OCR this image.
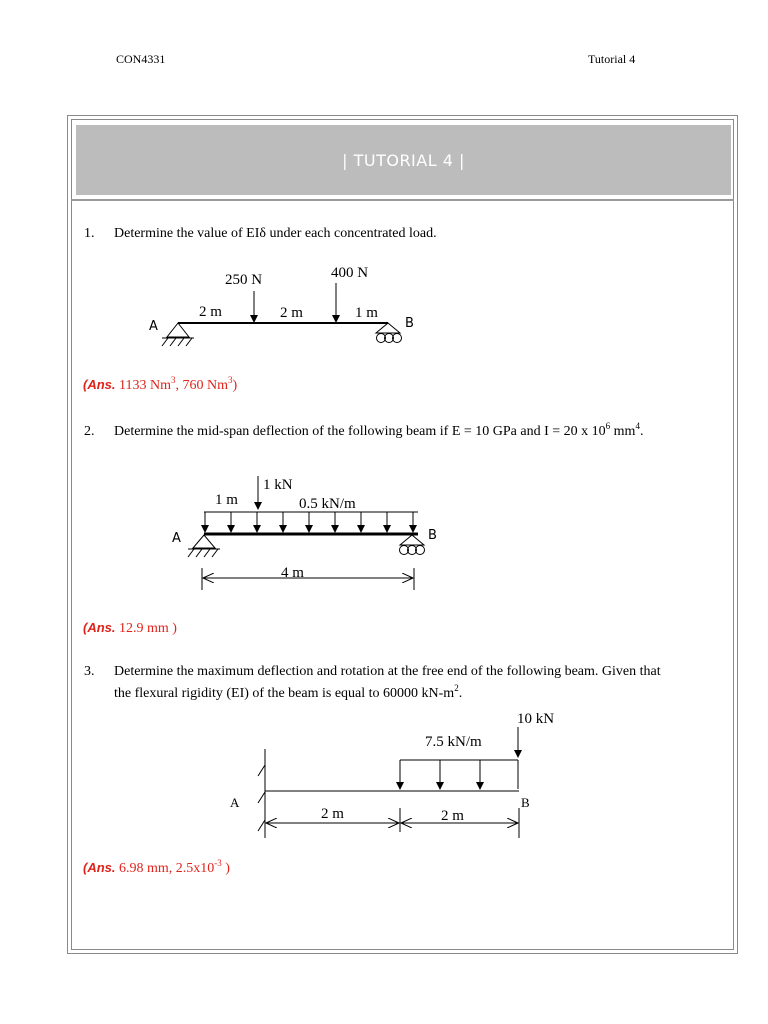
CON4331	Tutorial 4
| TUTORIAL 4 |
1. Determine the value of EIδ under each concentrated load.
250 N	400 N
2 m	2 m	1 m
A	B
1 kN
1 m	0.5 kN/m
4 m
A	B
10 kN
7.5 kN/m
2 m	2 m
A	B
(Ans. 1133 Nm$^3$, 760 Nm$^3$)
2. Determine the mid-span deflection of the following beam if E = 10 GPa and I = 20 x $10^6$ $mm^4$.
(Ans. 12.9 mm )
3. Determine the maximum deflection and rotation at the free end of the following beam. Given that
the flexural rigidity (EI) of the beam is equal to 60000 $kN-m^2$.
(Ans. 6.98 mm, $2.5x10^{-3}$ )
